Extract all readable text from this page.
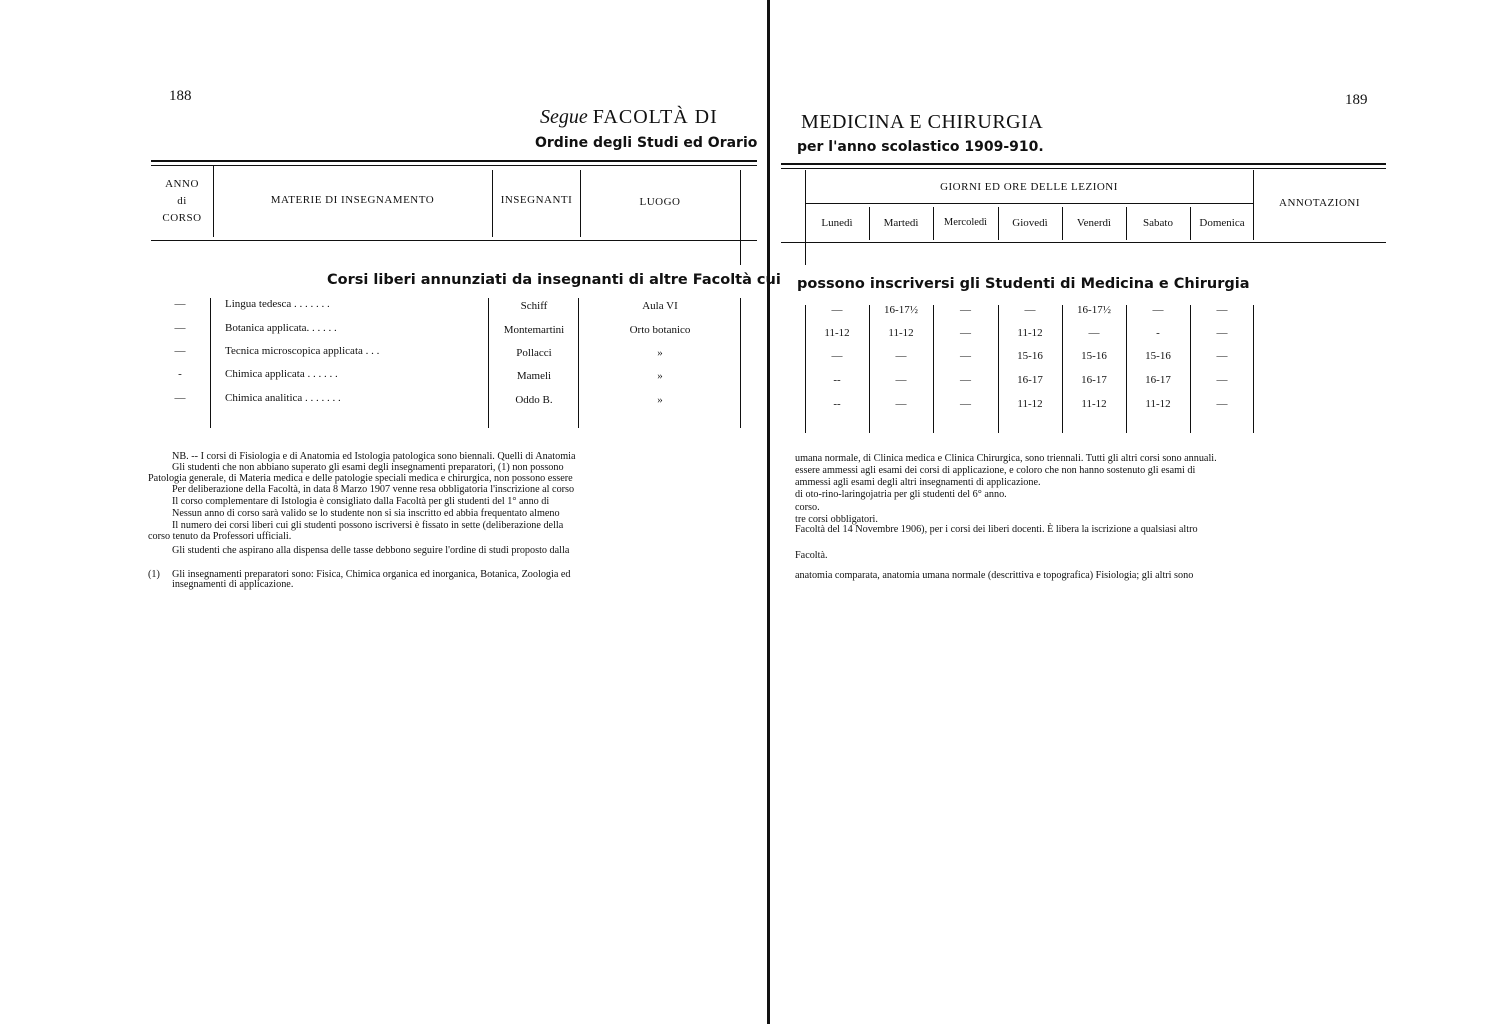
188
Segue FACOLTÀ DI
Ordine degli Studi ed Orario
ANNO
di
CORSO
MATERIE DI INSEGNAMENTO	INSEGNANTI	LUOGO
Corsi liberi annunziati da insegnanti di altre Facoltà cui
—	Lingua tedesca . . . . . . .	Schiff	Aula VI
—	Botanica applicata. . . . . .	Montemartini	Orto botanico
—	Tecnica microscopica applicata . . .	Pollacci	»
-	Chimica applicata . . . . . .	Mameli	»
—	Chimica analitica . . . . . . .	Oddo B.	»
NB. -- I corsi di Fisiologia e di Anatomia ed Istologia patologica sono biennali. Quelli di Anatomia
Gli studenti che non abbiano superato gli esami degli insegnamenti preparatori, (1) non possono
Patologia generale, di Materia medica e delle patologie speciali medica e chirurgica, non possono essere
Per deliberazione della Facoltà, in data 8 Marzo 1907 venne resa obbligatoria l'inscrizione al corso
Il corso complementare di Istologia è consigliato dalla Facoltà per gli studenti del 1° anno di
Nessun anno di corso sarà valido se lo studente non si sia inscritto ed abbia frequentato almeno
Il numero dei corsi liberi cui gli studenti possono iscriversi è fissato in sette (deliberazione della
corso tenuto da Professori ufficiali.
Gli studenti che aspirano alla dispensa delle tasse debbono seguire l'ordine di studi proposto dalla
(1) Gli insegnamenti preparatori sono: Fisica, Chimica organica ed inorganica, Botanica, Zoologia ed
insegnamenti di applicazione.
189
MEDICINA E CHIRURGIA
per l'anno scolastico 1909-910.
GIORNI ED ORE DELLE LEZIONI
ANNOTAZIONI
Lunedì	Martedì	Mercoledì	Giovedì	Venerdì	Sabato	Domenica
possono inscriversi gli Studenti di Medicina e Chirurgia
—	16-17½	—	—	16-17½	—	—
11-12	11-12	—	11-12	—	-	—
—	—	—	15-16	15-16	15-16	—
--	—	—	16-17	16-17	16-17	—
--	—	—	11-12	11-12	11-12	—
umana normale, di Clinica medica e Clinica Chirurgica, sono triennali. Tutti gli altri corsi sono annuali.
essere ammessi agli esami dei corsi di applicazione, e coloro che non hanno sostenuto gli esami di
ammessi agli esami degli altri insegnamenti di applicazione.
di oto-rino-laringojatria per gli studenti del 6° anno.
corso.
tre corsi obbligatori.
Facoltà del 14 Novembre 1906), per i corsi dei liberi docenti. È libera la iscrizione a qualsiasi altro
Facoltà.
anatomia comparata, anatomia umana normale (descrittiva e topografica) Fisiologia; gli altri sono
